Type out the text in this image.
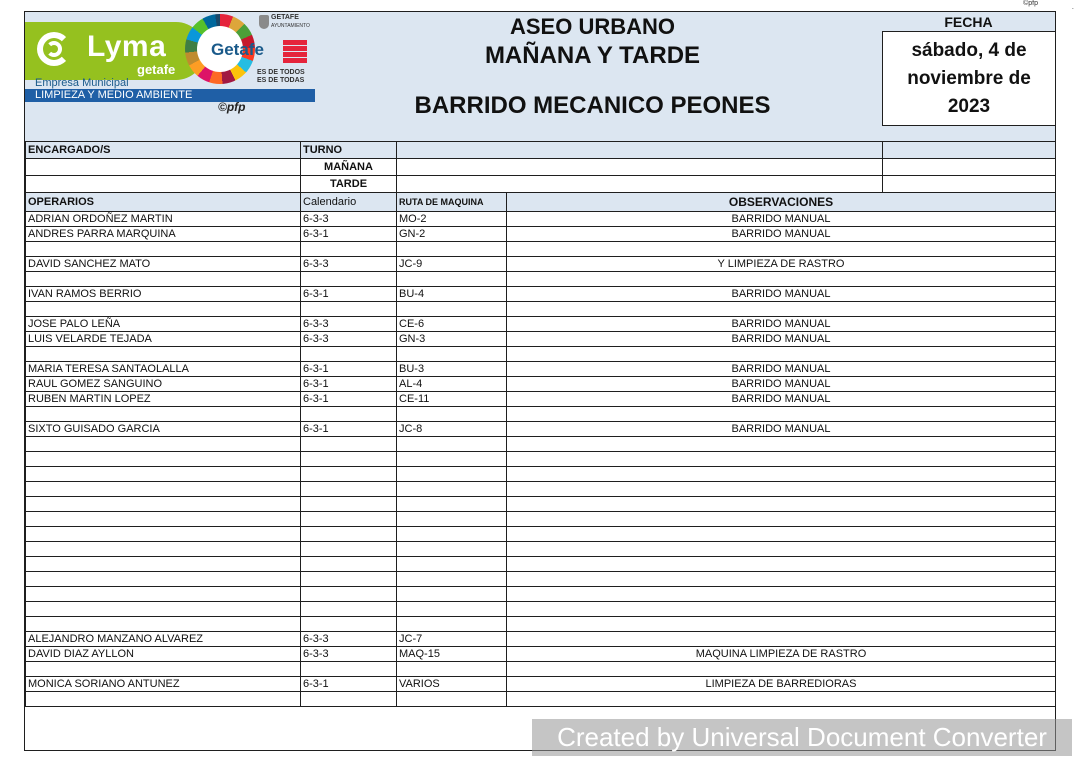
©pfp	.
Lyma
getafe
Getafe
GETAFE
AYUNTAMIENTO
ES DE TODOS
ES DE TODAS
Empresa Municipal
LIMPIEZA Y MEDIO AMBIENTE
©pfp
ASEO URBANO
MAÑANA Y TARDE
BARRIDO MECANICO PEONES
FECHA
sábado, 4 de noviembre de 2023
ENCARGADO/S	TURNO			
	MAÑANA			
	TARDE			
OPERARIOS	Calendario	RUTA DE MAQUINA	OBSERVACIONES	
ADRIAN ORDOÑEZ MARTIN	6-3-3	MO-2	BARRIDO MANUAL	
ANDRES PARRA MARQUINA	6-3-1	GN-2	BARRIDO MANUAL	

DAVID SANCHEZ MATO	6-3-3	JC-9	Y LIMPIEZA DE RASTRO	

IVAN RAMOS BERRIO	6-3-1	BU-4	BARRIDO MANUAL	

JOSE PALO LEÑA	6-3-3	CE-6	BARRIDO MANUAL	
LUIS VELARDE TEJADA	6-3-3	GN-3	BARRIDO MANUAL	

MARIA TERESA SANTAOLALLA	6-3-1	BU-3	BARRIDO MANUAL	
RAUL GOMEZ SANGUINO	6-3-1	AL-4	BARRIDO MANUAL	
RUBEN MARTIN LOPEZ	6-3-1	CE-11	BARRIDO MANUAL	

SIXTO GUISADO GARCIA	6-3-1	JC-8	BARRIDO MANUAL	

ALEJANDRO MANZANO ALVAREZ	6-3-3	JC-7		
DAVID DIAZ AYLLON	6-3-3	MAQ-15	MAQUINA LIMPIEZA DE RASTRO	

MONICA SORIANO ANTUNEZ	6-3-1	VARIOS	LIMPIEZA DE BARREDIORAS	

Created by Universal Document Converter
